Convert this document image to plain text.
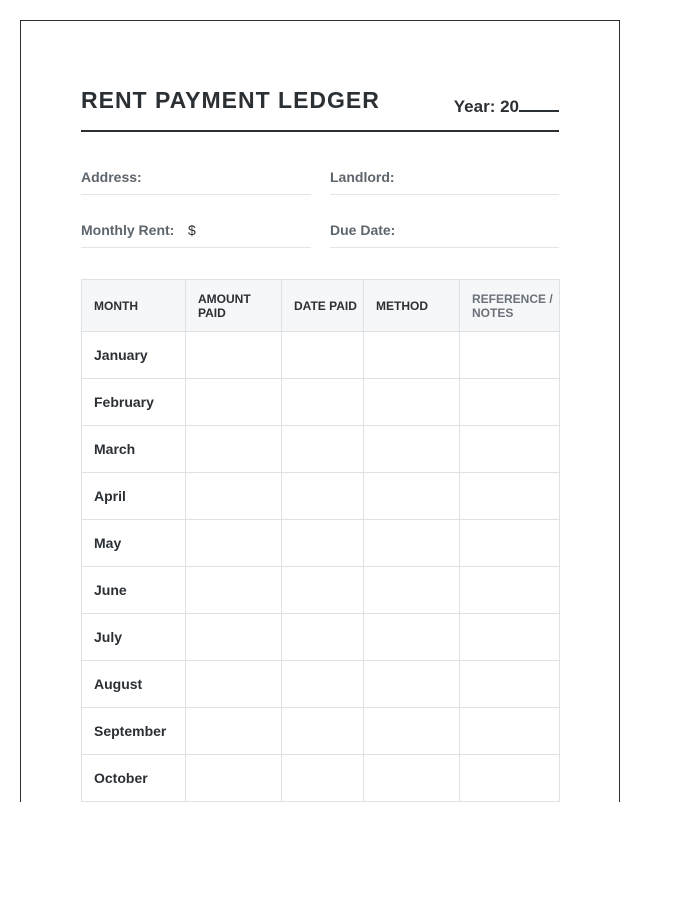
RENT PAYMENT LEDGER	Year: 20
Address:	Landlord:
Monthly Rent: $	Due Date:
MONTH	AMOUNT PAID	DATE PAID	METHOD	REFERENCE / NOTES
January				
February				
March				
April				
May				
June				
July				
August				
September				
October				
